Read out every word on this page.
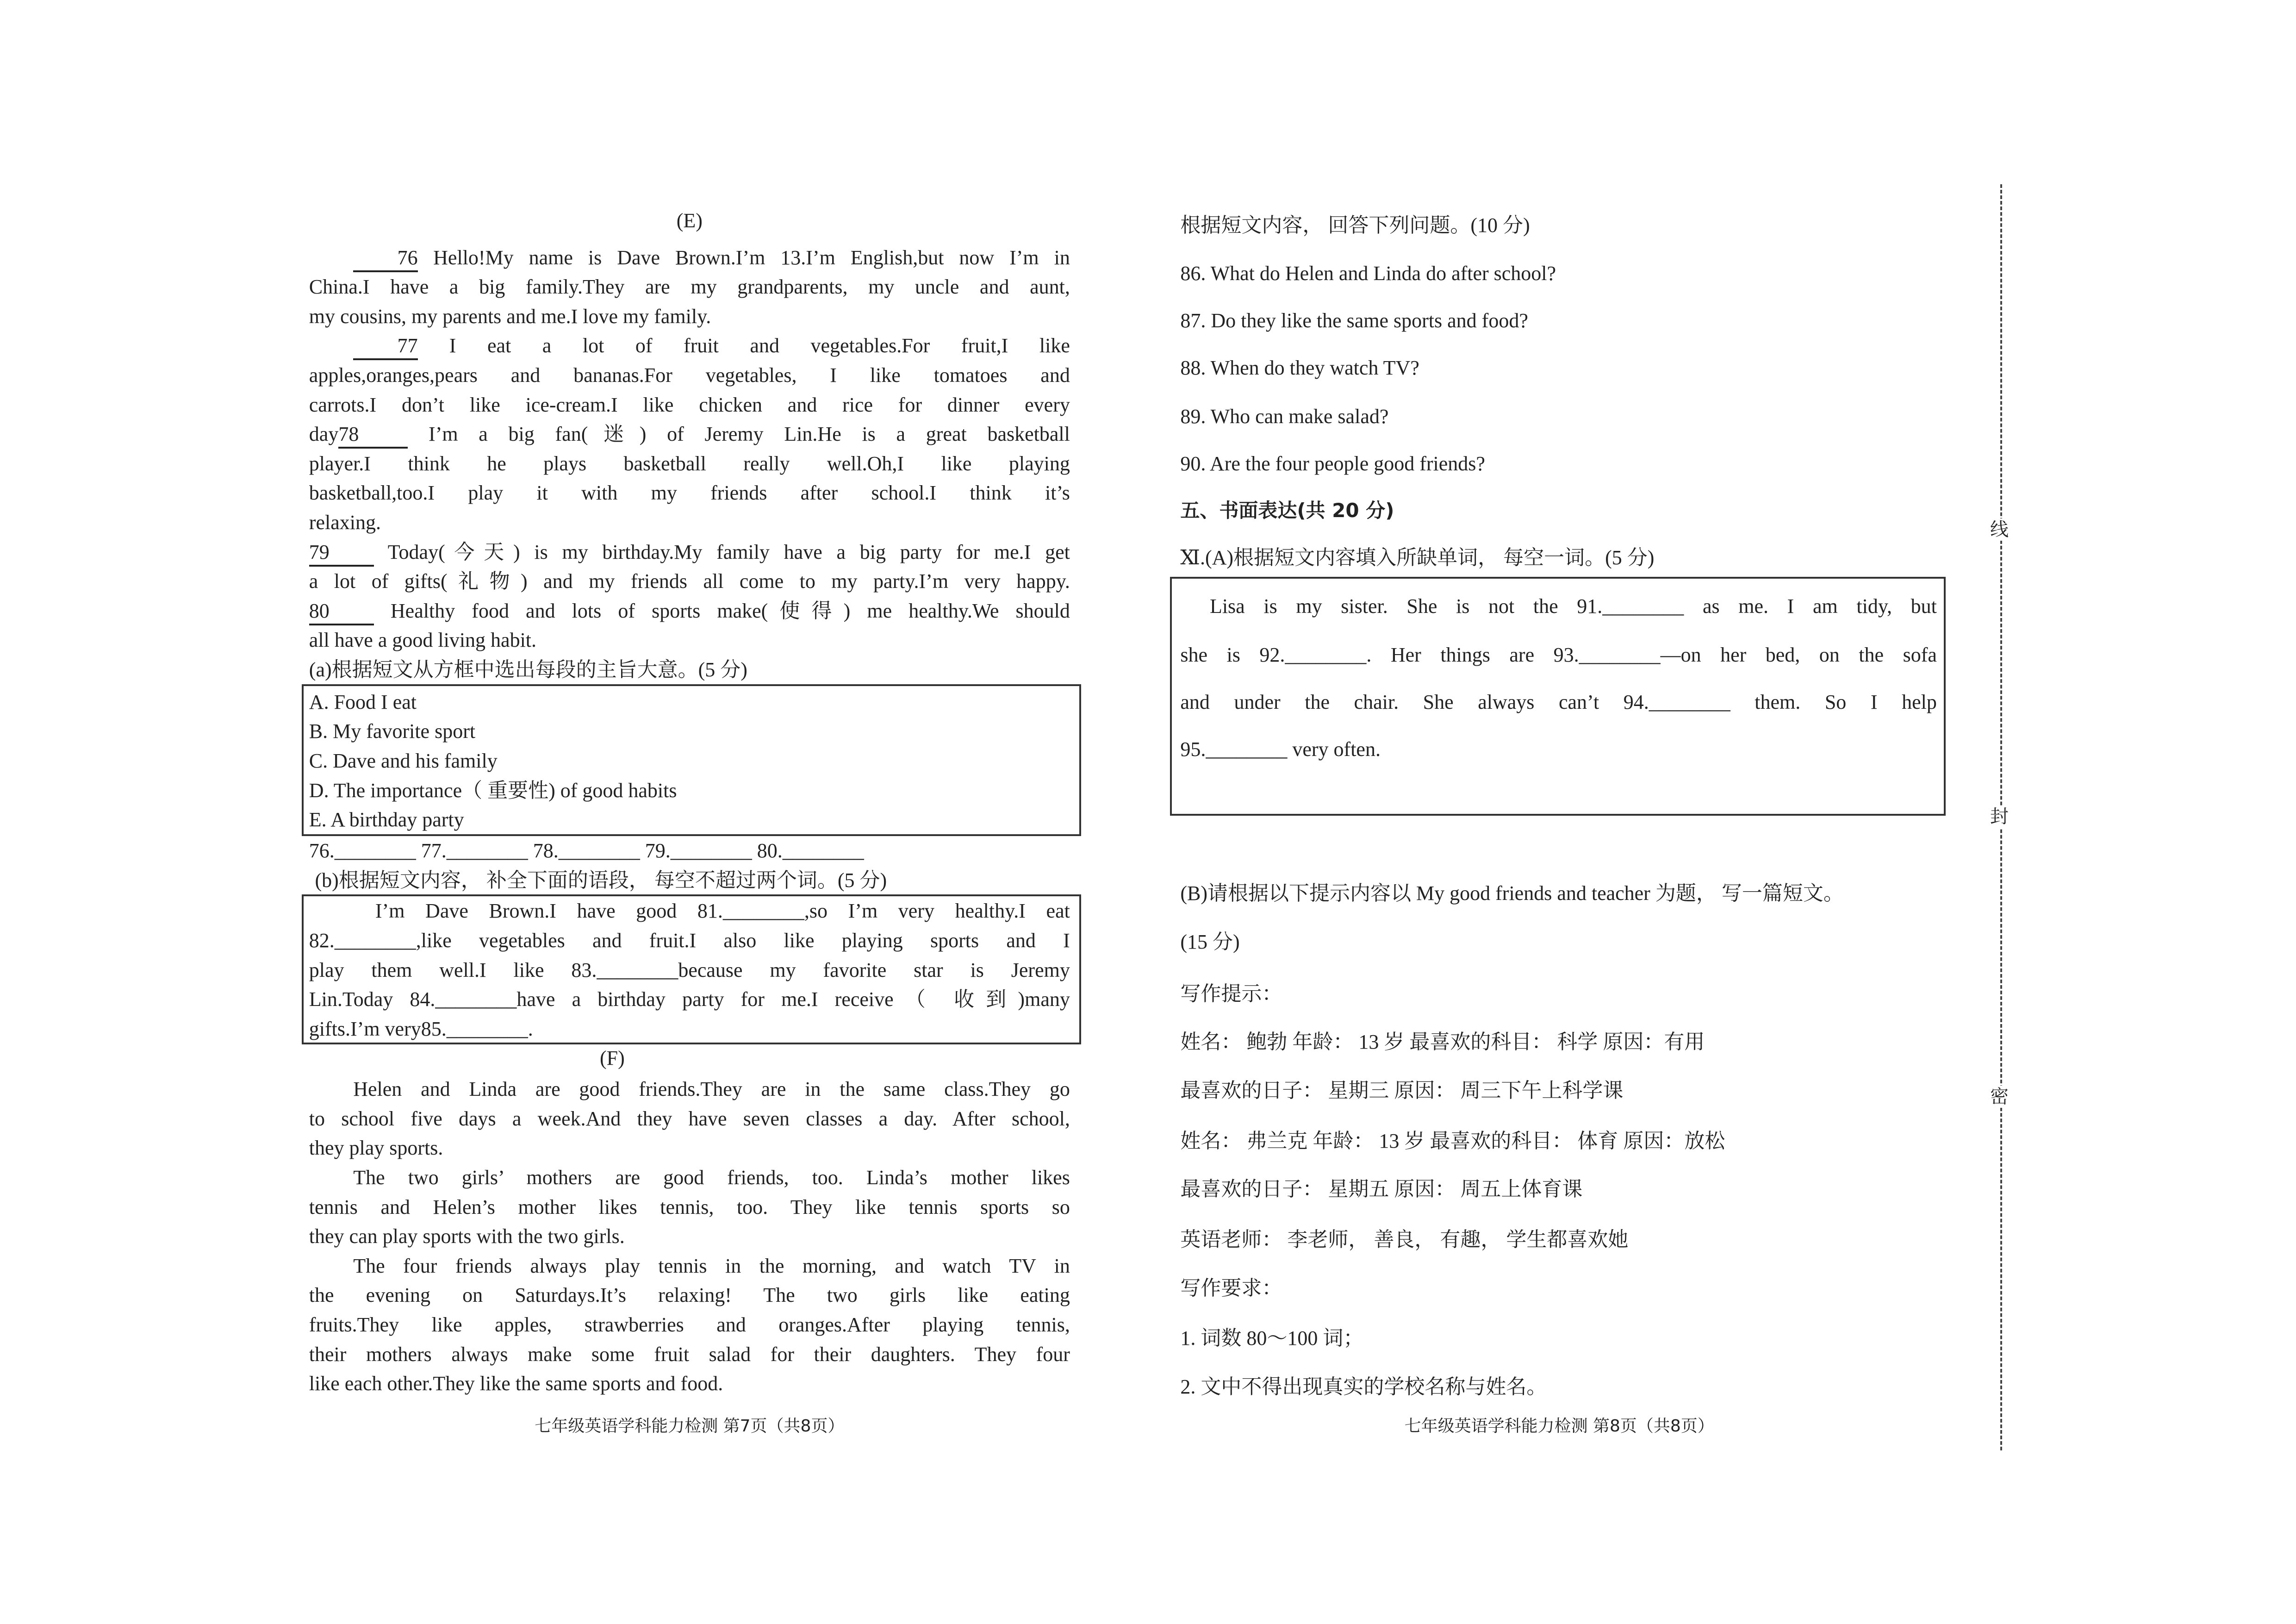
线
封
密
(E)
76 Hello!My name is Dave Brown.I’m 13.I’m English,but now I’m in
China.I have a big family.They are my grandparents, my uncle and aunt,
my cousins, my parents and me.I love my family.
77 I eat a lot of fruit and vegetables.For fruit,I like
apples,oranges,pears and bananas.For vegetables, I like tomatoes and
carrots.I don’t like ice-cream.I like chicken and rice for dinner every
day78 I’m a big fan(迷) of Jeremy Lin.He is a great basketball
player.I think he plays basketball really well.Oh,I like playing
basketball,too.I play it with my friends after school.I think it’s
relaxing.
79 Today(今天) is my birthday.My family have a big party for me.I get
a lot of gifts(礼物) and my friends all come to my party.I’m very happy.
80 Healthy food and lots of sports make(使得) me healthy.We should
all have a good living habit.
(a)根据短文从方框中选出每段的主旨大意。(5 分)
A. Food I eat
B. My favorite sport
C. Dave and his family
D. The importance（ 重要性) of good habits
E. A birthday party
76.________ 77.________ 78.________ 79.________ 80.________
(b)根据短文内容， 补全下面的语段， 每空不超过两个词。(5 分)
I’m Dave Brown.I have good 81.________,so I’m very healthy.I eat
82.________,like vegetables and fruit.I also like playing sports and I
play them well.I like 83.________because my favorite star is Jeremy
Lin.Today 84.________have a birthday party for me.I receive（ 收到)many
gifts.I’m very85.________.
(F)
Helen and Linda are good friends.They are in the same class.They go
to school five days a week.And they have seven classes a day. After school,
they play sports.
The two girls’ mothers are good friends, too. Linda’s mother likes
tennis and Helen’s mother likes tennis, too. They like tennis sports so
they can play sports with the two girls.
The four friends always play tennis in the morning, and watch TV in
the evening on Saturdays.It’s relaxing! The two girls like eating
fruits.They like apples, strawberries and oranges.After playing tennis,
their mothers always make some fruit salad for their daughters. They four
like each other.They like the same sports and food.
七年级英语学科能力检测 第7页（共8页）
根据短文内容， 回答下列问题。(10 分)
86. What do Helen and Linda do after school?
87. Do they like the same sports and food?
88. When do they watch TV?
89. Who can make salad?
90. Are the four people good friends?
五、书面表达(共 20 分)
Ⅺ.(A)根据短文内容填入所缺单词， 每空一词。(5 分)
Lisa is my sister. She is not the 91.________ as me. I am tidy, but
she is 92.________. Her things are 93.________—on her bed, on the sofa
and under the chair. She always can’t 94.________ them. So I help
95.________ very often.
(B)请根据以下提示内容以 My good friends and teacher 为题， 写一篇短文。
(15 分)
写作提示：
姓名： 鲍勃 年龄： 13 岁 最喜欢的科目： 科学 原因：有用
最喜欢的日子： 星期三 原因： 周三下午上科学课
姓名： 弗兰克 年龄： 13 岁 最喜欢的科目： 体育 原因：放松
最喜欢的日子： 星期五 原因： 周五上体育课
英语老师： 李老师， 善良， 有趣， 学生都喜欢她
写作要求：
1. 词数 80～100 词；
2. 文中不得出现真实的学校名称与姓名。
七年级英语学科能力检测 第8页（共8页）
